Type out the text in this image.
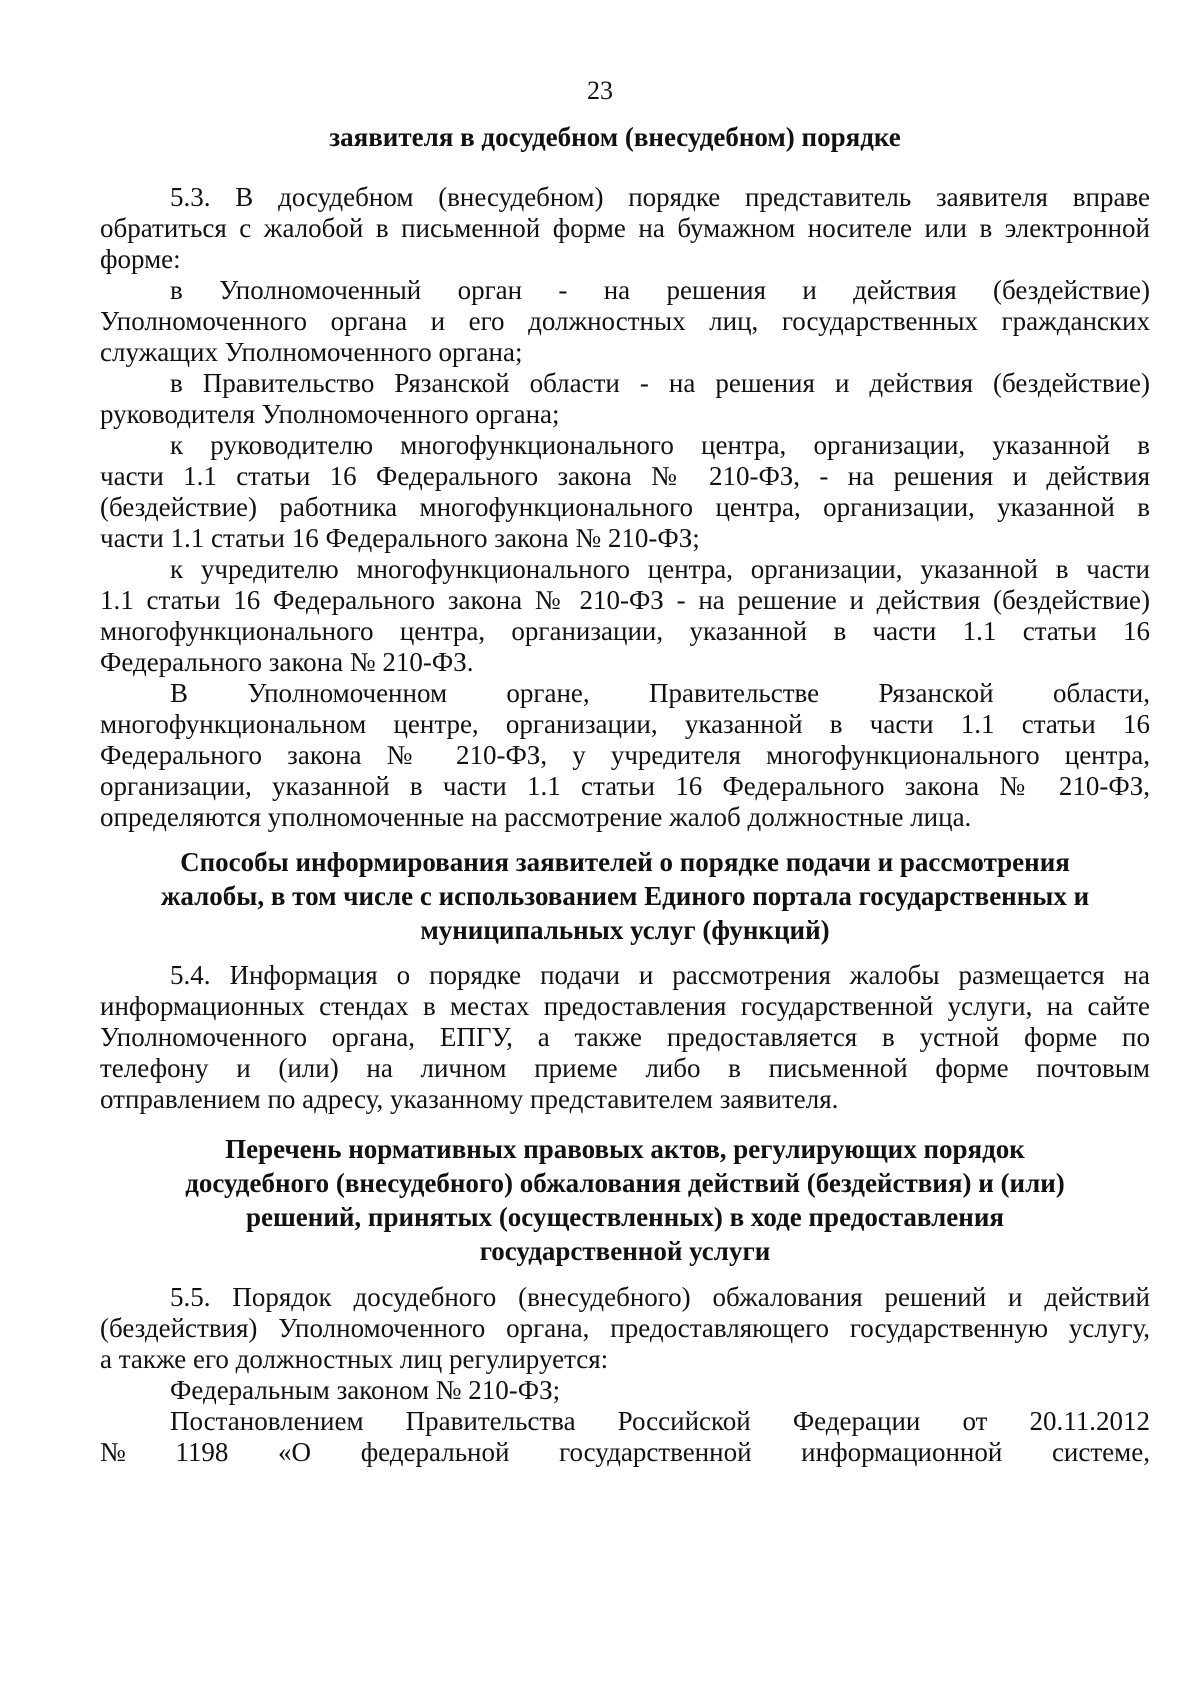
23
заявителя в досудебном (внесудебном) порядке
5.3. В досудебном (внесудебном) порядке представитель заявителя вправе
обратиться с жалобой в письменной форме на бумажном носителе или в электронной
форме:
в Уполномоченный орган - на решения и действия (бездействие)
Уполномоченного органа и его должностных лиц, государственных гражданских
служащих Уполномоченного органа;
в Правительство Рязанской области - на решения и действия (бездействие)
руководителя Уполномоченного органа;
к руководителю многофункционального центра, организации, указанной в
части 1.1 статьи 16 Федерального закона № 210-ФЗ, - на решения и действия
(бездействие) работника многофункционального центра, организации, указанной в
части 1.1 статьи 16 Федерального закона № 210-ФЗ;
к учредителю многофункционального центра, организации, указанной в части
1.1 статьи 16 Федерального закона № 210-ФЗ - на решение и действия (бездействие)
многофункционального центра, организации, указанной в части 1.1 статьи 16
Федерального закона № 210-ФЗ.
В Уполномоченном органе, Правительстве Рязанской области,
многофункциональном центре, организации, указанной в части 1.1 статьи 16
Федерального закона № 210-ФЗ, у учредителя многофункционального центра,
организации, указанной в части 1.1 статьи 16 Федерального закона № 210-ФЗ,
определяются уполномоченные на рассмотрение жалоб должностные лица.
Способы информирования заявителей о порядке подачи и рассмотрения
жалобы, в том числе с использованием Единого портала государственных и
муниципальных услуг (функций)
5.4. Информация о порядке подачи и рассмотрения жалобы размещается на
информационных стендах в местах предоставления государственной услуги, на сайте
Уполномоченного органа, ЕПГУ, а также предоставляется в устной форме по
телефону и (или) на личном приеме либо в письменной форме почтовым
отправлением по адресу, указанному представителем заявителя.
Перечень нормативных правовых актов, регулирующих порядок
досудебного (внесудебного) обжалования действий (бездействия) и (или)
решений, принятых (осуществленных) в ходе предоставления
государственной услуги
5.5. Порядок досудебного (внесудебного) обжалования решений и действий
(бездействия) Уполномоченного органа, предоставляющего государственную услугу,
а также его должностных лиц регулируется:
Федеральным законом № 210-ФЗ;
Постановлением Правительства Российской Федерации от 20.11.2012
№ 1198 «О федеральной государственной информационной системе,
